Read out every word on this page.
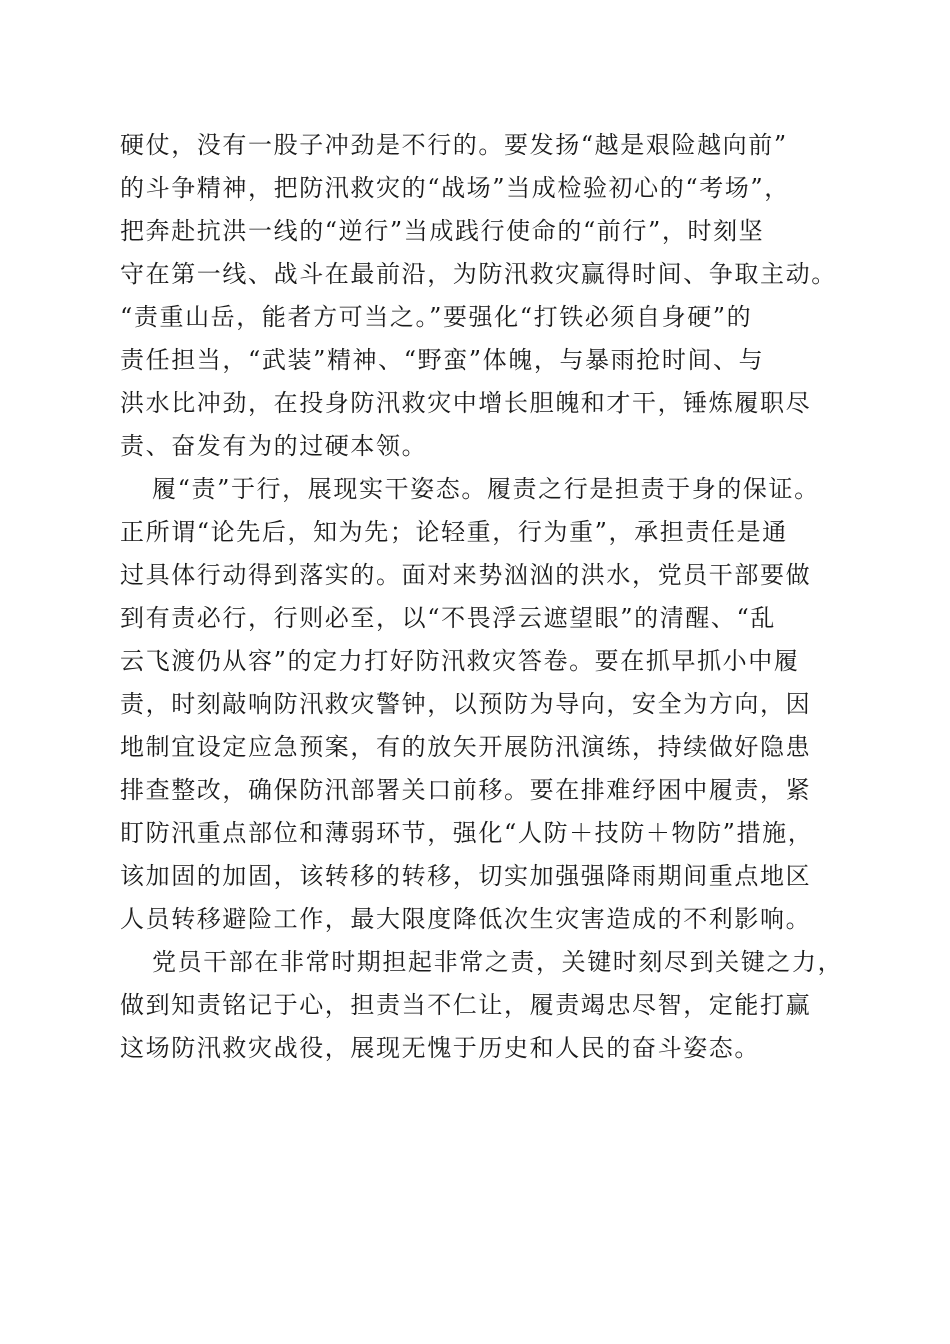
硬仗，没有一股子冲劲是不行的。要发扬“越是艰险越向前”
的斗争精神，把防汛救灾的“战场”当成检验初心的“考场”，
把奔赴抗洪一线的“逆行”当成践行使命的“前行”，时刻坚
守在第一线、战斗在最前沿，为防汛救灾赢得时间、争取主动。
“责重山岳，能者方可当之。”要强化“打铁必须自身硬”的
责任担当，“武装”精神、“野蛮”体魄，与暴雨抢时间、与
洪水比冲劲，在投身防汛救灾中增长胆魄和才干，锤炼履职尽
责、奋发有为的过硬本领。
履“责”于行，展现实干姿态。履责之行是担责于身的保证。
正所谓“论先后，知为先；论轻重，行为重”，承担责任是通
过具体行动得到落实的。面对来势汹汹的洪水，党员干部要做
到有责必行，行则必至，以“不畏浮云遮望眼”的清醒、“乱
云飞渡仍从容”的定力打好防汛救灾答卷。要在抓早抓小中履
责，时刻敲响防汛救灾警钟，以预防为导向，安全为方向，因
地制宜设定应急预案，有的放矢开展防汛演练，持续做好隐患
排查整改，确保防汛部署关口前移。要在排难纾困中履责，紧
盯防汛重点部位和薄弱环节，强化“人防＋技防＋物防”措施，
该加固的加固，该转移的转移，切实加强强降雨期间重点地区
人员转移避险工作，最大限度降低次生灾害造成的不利影响。
党员干部在非常时期担起非常之责，关键时刻尽到关键之力，
做到知责铭记于心，担责当不仁让，履责竭忠尽智，定能打赢
这场防汛救灾战役，展现无愧于历史和人民的奋斗姿态。
